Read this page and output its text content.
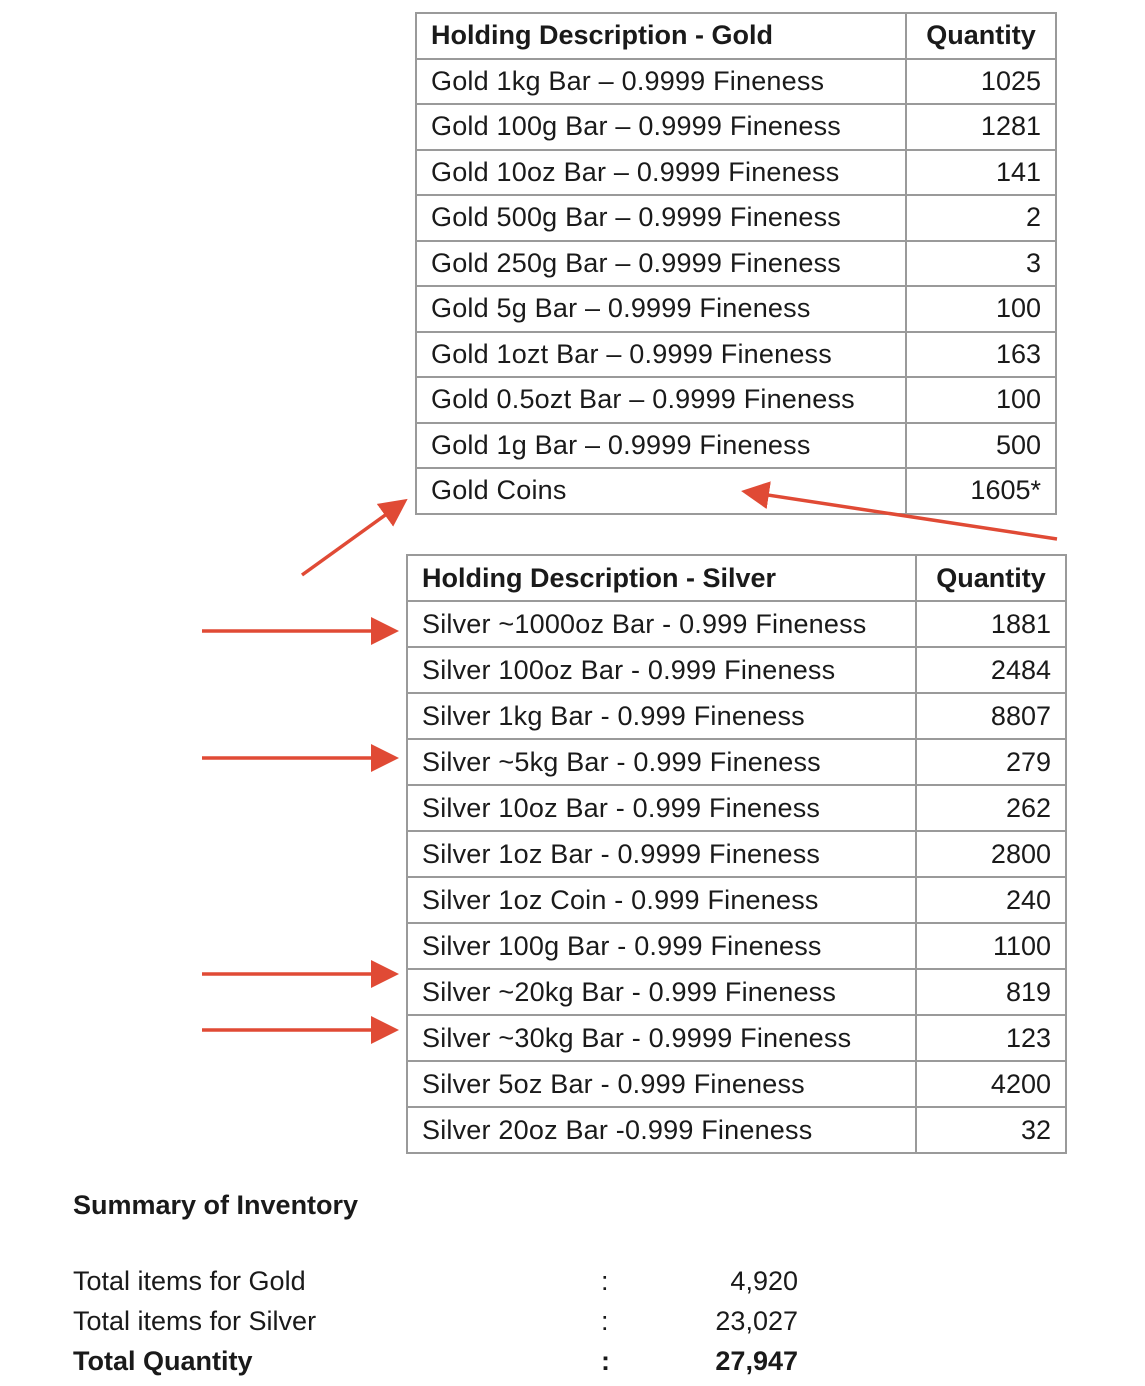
Holding Description - Gold	Quantity
Gold 1kg Bar – 0.9999 Fineness	1025
Gold 100g Bar – 0.9999 Fineness	1281
Gold 10oz Bar – 0.9999 Fineness	141
Gold 500g Bar – 0.9999 Fineness	2
Gold 250g Bar – 0.9999 Fineness	3
Gold 5g Bar – 0.9999 Fineness	100
Gold 1ozt Bar – 0.9999 Fineness	163
Gold 0.5ozt Bar – 0.9999 Fineness	100
Gold 1g Bar – 0.9999 Fineness	500
Gold Coins	1605*
Holding Description - Silver	Quantity
Silver ~1000oz Bar - 0.999 Fineness	1881
Silver 100oz Bar - 0.999 Fineness	2484
Silver 1kg Bar - 0.999 Fineness	8807
Silver ~5kg Bar - 0.999 Fineness	279
Silver 10oz Bar - 0.999 Fineness	262
Silver 1oz Bar - 0.9999 Fineness	2800
Silver 1oz Coin - 0.999 Fineness	240
Silver 100g Bar - 0.999 Fineness	1100
Silver ~20kg Bar - 0.999 Fineness	819
Silver ~30kg Bar - 0.9999 Fineness	123
Silver 5oz Bar - 0.999 Fineness	4200
Silver 20oz Bar -0.999 Fineness	32
Summary of Inventory
Total items for Gold	:	4,920
Total items for Silver	:	23,027
Total Quantity	:	27,947
